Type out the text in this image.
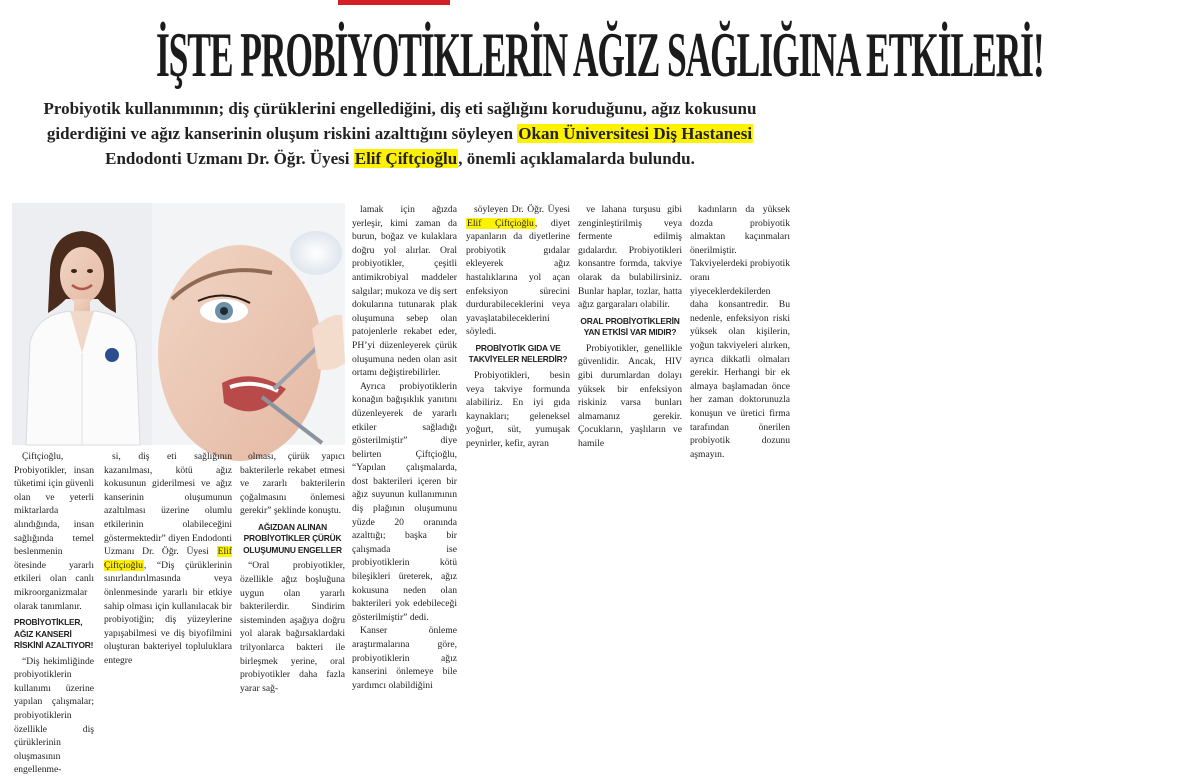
İŞTE PROBİYOTİKLERİN AĞIZ SAĞLIĞINA ETKİLERİ!
Probiyotik kullanımının; diş çürüklerini engellediğini, diş eti sağlığını koruduğunu, ağız kokusunu giderdiğini ve ağız kanserinin oluşum riskini azalttığını söyleyen Okan Üniversitesi Diş Hastanesi Endodonti Uzmanı Dr. Öğr. Üyesi Elif Çiftçioğlu, önemli açıklamalarda bulundu.

Çiftçioğlu, Probiyotikler, insan tüketimi için güvenli olan ve yeterli miktarlarda alındığında, insan sağlığında temel beslenmenin ötesinde yararlı etkileri olan canlı mikroorganizmalar olarak tanımlanır.

PROBİYOTİKLER, AĞIZ KANSERİ RİSKİNİ AZALTIYOR!

“Diş hekimliğinde probiyotiklerin kullanımı üzerine yapılan çalışmalar; probiyotiklerin özellikle diş çürüklerinin oluşmasının engellenme-

si, diş eti sağlığının kazanılması, kötü ağız kokusunun giderilmesi ve ağız kanserinin oluşumunun azaltılması üzerine olumlu etkilerinin olabileceğini göstermektedir” diyen Endodonti Uzmanı Dr. Öğr. Üyesi Elif Çiftçioğlu, “Diş çürüklerinin sınırlandırılmasında veya önlenmesinde yararlı bir etkiye sahip olması için kullanılacak bir probiyotiğin; diş yüzeylerine yapışabilmesi ve diş biyofilmini oluşturan bakteriyel topluluklara entegre

olması, çürük yapıcı bakterilerle rekabet etmesi ve zararlı bakterilerin çoğalmasını önlemesi gerekir” şeklinde konuştu.

AĞIZDAN ALINAN PROBİYOTİKLER ÇÜRÜK OLUŞUMUNU ENGELLER

“Oral probiyotikler, özellikle ağız boşluğuna uygun olan yararlı bakterilerdir. Sindirim sisteminden aşağıya doğru yol alarak bağırsaklardaki trilyonlarca bakteri ile birleşmek yerine, oral probiyotikler daha fazla yarar sağ-

lamak için ağızda yerleşir, kimi zaman da burun, boğaz ve kulaklara doğru yol alırlar. Oral probiyotikler, çeşitli antimikrobiyal maddeler salgılar; mukoza ve diş sert dokularına tutunarak plak oluşumuna sebep olan patojenlerle rekabet eder, PH’yi düzenleyerek çürük oluşumuna neden olan asit ortamı değiştirebilirler.

Ayrıca probiyotiklerin konağın bağışıklık yanıtını düzenleyerek de yararlı etkiler sağladığı gösterilmiştir” diye belirten Çiftçioğlu, “Yapılan çalışmalarda, dost bakterileri içeren bir ağız suyunun kullanımının diş plağının oluşumunu yüzde 20 oranında azalttığı; başka bir çalışmada ise probiyotiklerin kötü bileşikleri üreterek, ağız kokusuna neden olan bakterileri yok edebileceği gösterilmiştir” dedi.

Kanser önleme araştırmalarına göre, probiyotiklerin ağız kanserini önlemeye bile yardımcı olabildiğini

söyleyen Dr. Öğr. Üyesi Elif Çiftçioğlu, diyet yapanların da diyetlerine probiyotik gıdalar ekleyerek ağız hastalıklarına yol açan enfeksiyon sürecini durdurabileceklerini veya yavaşlatabileceklerini söyledi.

PROBİYOTİK GIDA VE TAKVİYELER NELERDİR?

Probiyotikleri, besin veya takviye formunda alabiliriz. En iyi gıda kaynakları; geleneksel yoğurt, süt, yumuşak peynirler, kefir, ayran

ve lahana turşusu gibi zenginleştirilmiş veya fermente edilmiş gıdalardır. Probiyotikleri konsantre formda, takviye olarak da bulabilirsiniz. Bunlar haplar, tozlar, hatta ağız gargaraları olabilir.

ORAL PROBİYOTİKLERİN YAN ETKİSİ VAR MIDIR?

Probiyotikler, genellikle güvenlidir. Ancak, HIV gibi durumlardan dolayı yüksek bir enfeksiyon riskiniz varsa bunları almamanız gerekir. Çocukların, yaşlıların ve hamile

kadınların da yüksek dozda probiyotik almaktan kaçınmaları önerilmiştir. Takviyelerdeki probiyotik oranı yiyeceklerdekilerden daha konsantredir. Bu nedenle, enfeksiyon riski yüksek olan kişilerin, yoğun takviyeleri alırken, ayrıca dikkatli olmaları gerekir. Herhangi bir ek almaya başlamadan önce her zaman doktorunuzla konuşun ve üretici firma tarafından önerilen probiyotik dozunu aşmayın.
